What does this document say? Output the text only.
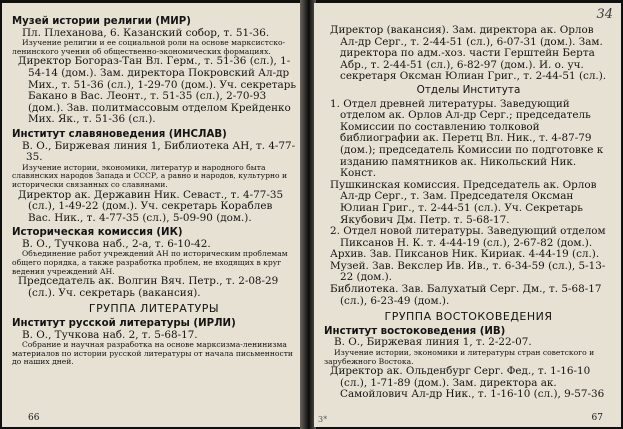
Музей истории религии (МИР)

Пл. Плеханова, 6. Казанский собор, т. 51-36.

Изучение религии и ее социальной роли на основе марксистско-ленинского учения об общественно-экономических формациях.

Директор Богораз-Тан Вл. Герм., т. 51-36 (сл.), 1-54-14 (дом.). Зам. директора Покровский Ал-др Мих., т. 51-36 (сл.), 1-29-70 (дом.). Уч. секретарь Бакано в Вас. Леонт., т. 51-35 (сл.), 2-70-93 (дом.). Зав. политмассовым отделом Крейденко Мих. Як., т. 51-36 (сл.).

Институт славяноведения (ИНСЛАВ)

В. О., Биржевая линия 1, Библиотека АН, т. 4-77-35.

Изучение истории, экономики, литератур и народного быта славянских народов Запада и СССР, а равно и народов, культурно и исторически связанных со славянами.

Директор ак. Державин Ник. Севаст., т. 4-77-35 (сл.), 1-49-22 (дом.). Уч. секретарь Кораблев Вас. Ник., т. 4-77-35 (сл.), 5-09-90 (дом.).

Историческая комиссия (ИК)

В. О., Тучкова наб., 2-а, т. 6-10-42.

Объединение работ учреждений АН по историческим проблемам общего порядка, а также разработка проблем, не входящих в круг ведения учреждений АН.

Председатель ак. Волгин Вяч. Петр., т. 2-08-29 (сл.). Уч. секретарь (вакансия).

ГРУППА ЛИТЕРАТУРЫ

Институт русской литературы (ИРЛИ)

В. О., Тучкова наб. 2, т. 5-68-17.

Собрание и научная разработка на основе марксизма-ленинизма материалов по истории русской литературы от начала письменности до наших дней.

66
34

Директор (вакансия). Зам. директора ак. Орлов Ал-др Серг., т. 2-44-51 (сл.), 6-07-31 (дом.). Зам. директора по адм.-хоз. части Герштейн Берта Абр., т. 2-44-51 (сл.), 6-82-97 (дом.). И. о. уч. секретаря Оксман Юлиан Григ., т. 2-44-51 (сл.).

Отделы Института

1. Отдел древней литературы. Заведующий отделом ак. Орлов Ал-др Серг.; председатель Комиссии по составлению толковой библиографии ак. Перетц Вл. Ник., т. 4-87-79 (дом.); председатель Комиссии по подготовке к изданию памятников ак. Никольский Ник. Конст.

Пушкинская комиссия. Председатель ак. Орлов Ал-др Серг., т. Зам. Председателя Оксман Юлиан Григ., т. 2-44-51 (сл.). Уч. Секретарь Якубович Дм. Петр. т. 5-68-17.

2. Отдел новой литературы. Заведующий отделом Пиксанов Н. К. т. 4-44-19 (сл.), 2-67-82 (дом.).

Архив. Зав. Пиксанов Ник. Кириак. 4-44-19 (сл.).

Музей. Зав. Векслер Ив. Ив., т. 6-34-59 (сл.), 5-13-22 (дом.).

Библиотека. Зав. Балухатый Серг. Дм., т. 5-68-17 (сл.), 6-23-49 (дом.).

ГРУППА ВОСТОКОВЕДЕНИЯ

Институт востоковедения (ИВ)

В. О., Биржевая линия 1, т. 2-22-07.

Изучение истории, экономики и литературы стран советского и зарубежного Востока.

Директор ак. Ольденбург Серг. Фед., т. 1-16-10 (сл.), 1-71-89 (дом.). Зам. директора ак. Самойлович Ал-др Ник., т. 1-16-10 (сл.), 9-57-36

3*	67
